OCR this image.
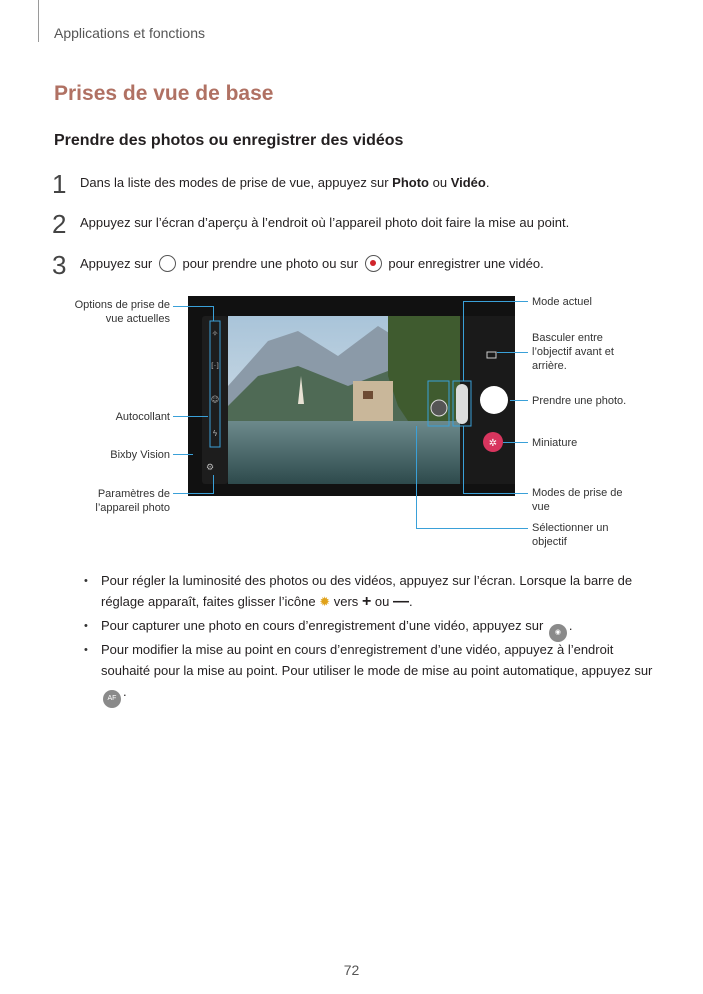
Applications et fonctions
Prises de vue de base
Prendre des photos ou enregistrer des vidéos
1 Dans la liste des modes de prise de vue, appuyez sur Photo ou Vidéo.
2 Appuyez sur l’écran d’aperçu à l’endroit où l’appareil photo doit faire la mise au point.
3 Appuyez sur  pour prendre une photo ou sur  pour enregistrer une vidéo.
✲
✧
[·]
☺
ϟ
⚙
Options de prise de vue actuelles
Autocollant
Bixby Vision
Paramètres de l’appareil photo
Mode actuel
Basculer entre l’objectif avant et arrière.
Prendre une photo.
Miniature
Modes de prise de vue
Sélectionner un objectif
• Pour régler la luminosité des photos ou des vidéos, appuyez sur l’écran. Lorsque la barre de réglage apparaît, faites glisser l’icône ✹ vers + ou —.
• Pour capturer une photo en cours d’enregistrement d’une vidéo, appuyez sur ◉ .
• Pour modifier la mise au point en cours d’enregistrement d’une vidéo, appuyez à l’endroit souhaité pour la mise au point. Pour utiliser le mode de mise au point automatique, appuyez sur AF .
72
